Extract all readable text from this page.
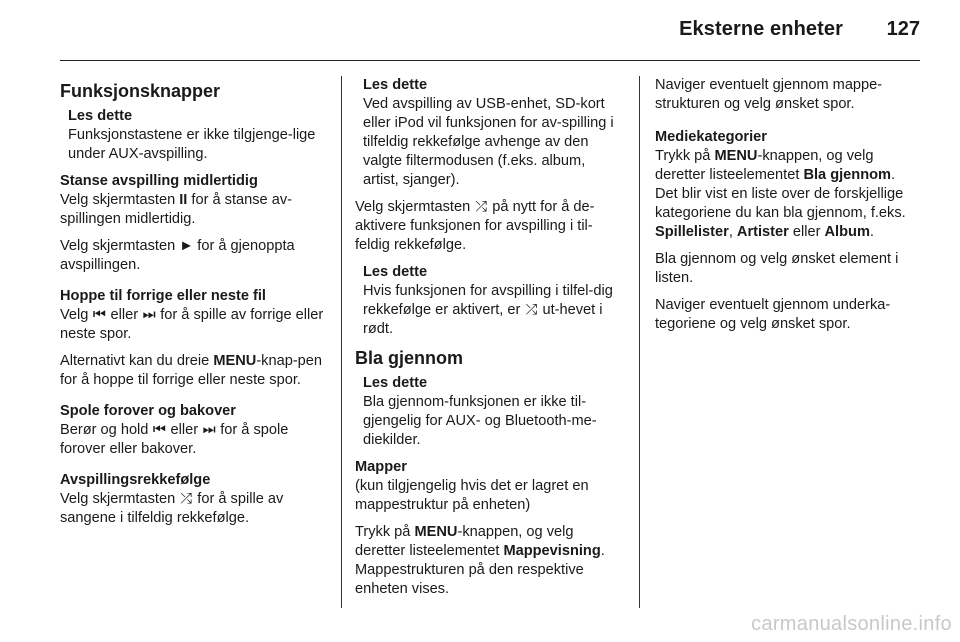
Eksterne enheter 127
Funksjonsknapper
Les dette
Funksjonstastene er ikke tilgjenge-lige under AUX-avspilling.
Stanse avspilling midlertidig

Velg skjermtasten II for å stanse av-spillingen midlertidig.

Velg skjermtasten ► for å gjenoppta avspillingen.

Hoppe til forrige eller neste fil

Velg ⏮ eller ⏭ for å spille av forrige eller neste spor.

Alternativt kan du dreie MENU-knap-pen for å hoppe til forrige eller neste spor.

Spole forover og bakover

Berør og hold ⏮ eller ⏭ for å spole forover eller bakover.

Avspillingsrekkefølge

Velg skjermtasten ⤮ for å spille av sangene i tilfeldig rekkefølge.

Les dette
Ved avspilling av USB-enhet, SD-kort eller iPod vil funksjonen for av-spilling i tilfeldig rekkefølge avhenge av den valgte filtermodusen (f.eks. album, artist, sjanger).

Velg skjermtasten ⤮ på nytt for å de-aktivere funksjonen for avspilling i til-feldig rekkefølge.

Les dette
Hvis funksjonen for avspilling i tilfel-dig rekkefølge er aktivert, er ⤮ ut-hevet i rødt.
Bla gjennom
Les dette
Bla gjennom-funksjonen er ikke til-gjengelig for AUX- og Bluetooth-me-diekilder.
Mapper

(kun tilgjengelig hvis det er lagret en mappestruktur på enheten)

Trykk på MENU-knappen, og velg deretter listeelementet Mappevisning. Mappestrukturen på den respektive enheten vises.

Naviger eventuelt gjennom mappe-strukturen og velg ønsket spor.

Mediekategorier

Trykk på MENU-knappen, og velg deretter listeelementet Bla gjennom. Det blir vist en liste over de forskjellige kategoriene du kan bla gjennom, f.eks. Spillelister, Artister eller Album.

Bla gjennom og velg ønsket element i listen.

Naviger eventuelt gjennom underka-tegoriene og velg ønsket spor.

carmanualsonline.info
